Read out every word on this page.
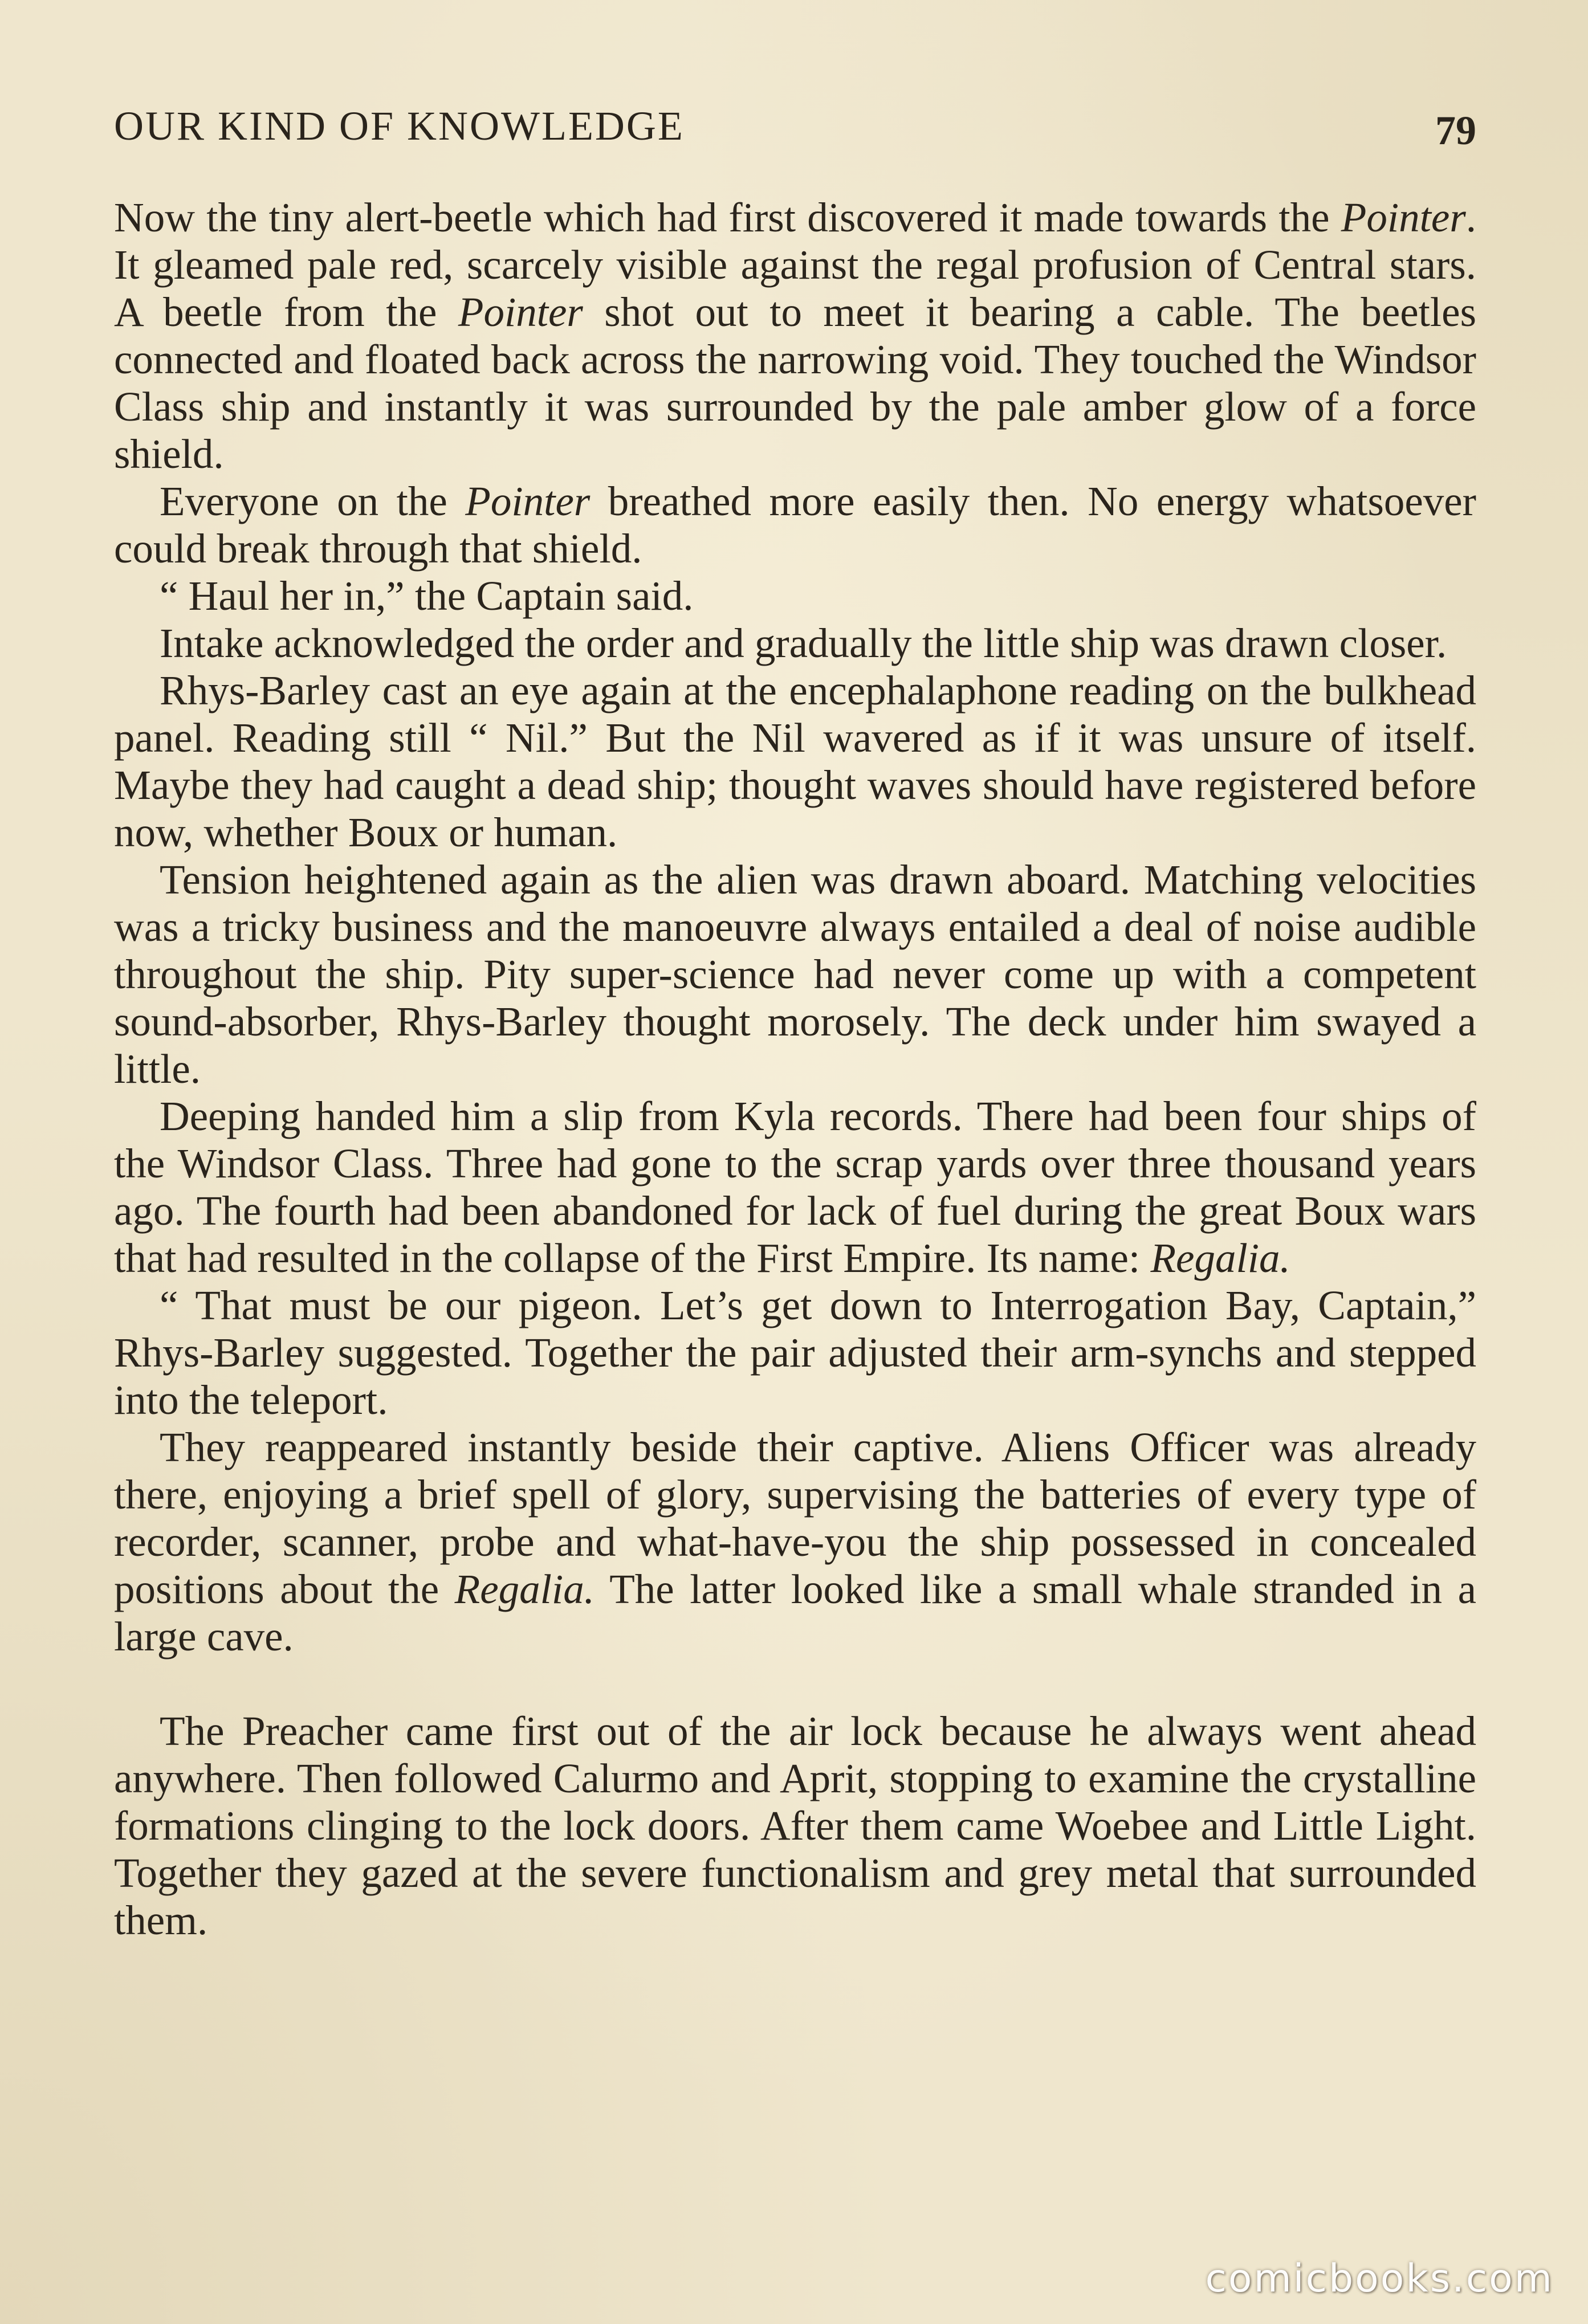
OUR KIND OF KNOWLEDGE	79

Now the tiny alert-beetle which had first discovered it made towards the Pointer. It gleamed pale red, scarcely visible against the regal profusion of Central stars. A beetle from the Pointer shot out to meet it bearing a cable. The beetles connected and floated back across the narrowing void. They touched the Windsor Class ship and instantly it was surrounded by the pale amber glow of a force shield.

Everyone on the Pointer breathed more easily then. No energy whatsoever could break through that shield.

“ Haul her in,” the Captain said.

Intake acknowledged the order and gradually the little ship was drawn closer.

Rhys-Barley cast an eye again at the encephalaphone reading on the bulkhead panel. Reading still “ Nil.” But the Nil wavered as if it was unsure of itself. Maybe they had caught a dead ship; thought waves should have registered before now, whether Boux or human.

Tension heightened again as the alien was drawn aboard. Matching velocities was a tricky business and the manoeuvre always entailed a deal of noise audible throughout the ship. Pity super-science had never come up with a competent sound-absorber, Rhys-Barley thought morosely. The deck under him swayed a little.

Deeping handed him a slip from Kyla records. There had been four ships of the Windsor Class. Three had gone to the scrap yards over three thousand years ago. The fourth had been abandoned for lack of fuel during the great Boux wars that had resulted in the collapse of the First Empire. Its name: Regalia.

“ That must be our pigeon. Let’s get down to Interrogation Bay, Captain,” Rhys-Barley suggested. Together the pair adjusted their arm-synchs and stepped into the teleport.

They reappeared instantly beside their captive. Aliens Officer was already there, enjoying a brief spell of glory, supervising the batteries of every type of recorder, scanner, probe and what-have-you the ship possessed in concealed positions about the Regalia. The latter looked like a small whale stranded in a large cave.

The Preacher came first out of the air lock because he always went ahead anywhere. Then followed Calurmo and Aprit, stopping to examine the crystalline formations clinging to the lock doors. After them came Woebee and Little Light. Together they gazed at the severe functionalism and grey metal that surrounded them.

comicbooks.com
